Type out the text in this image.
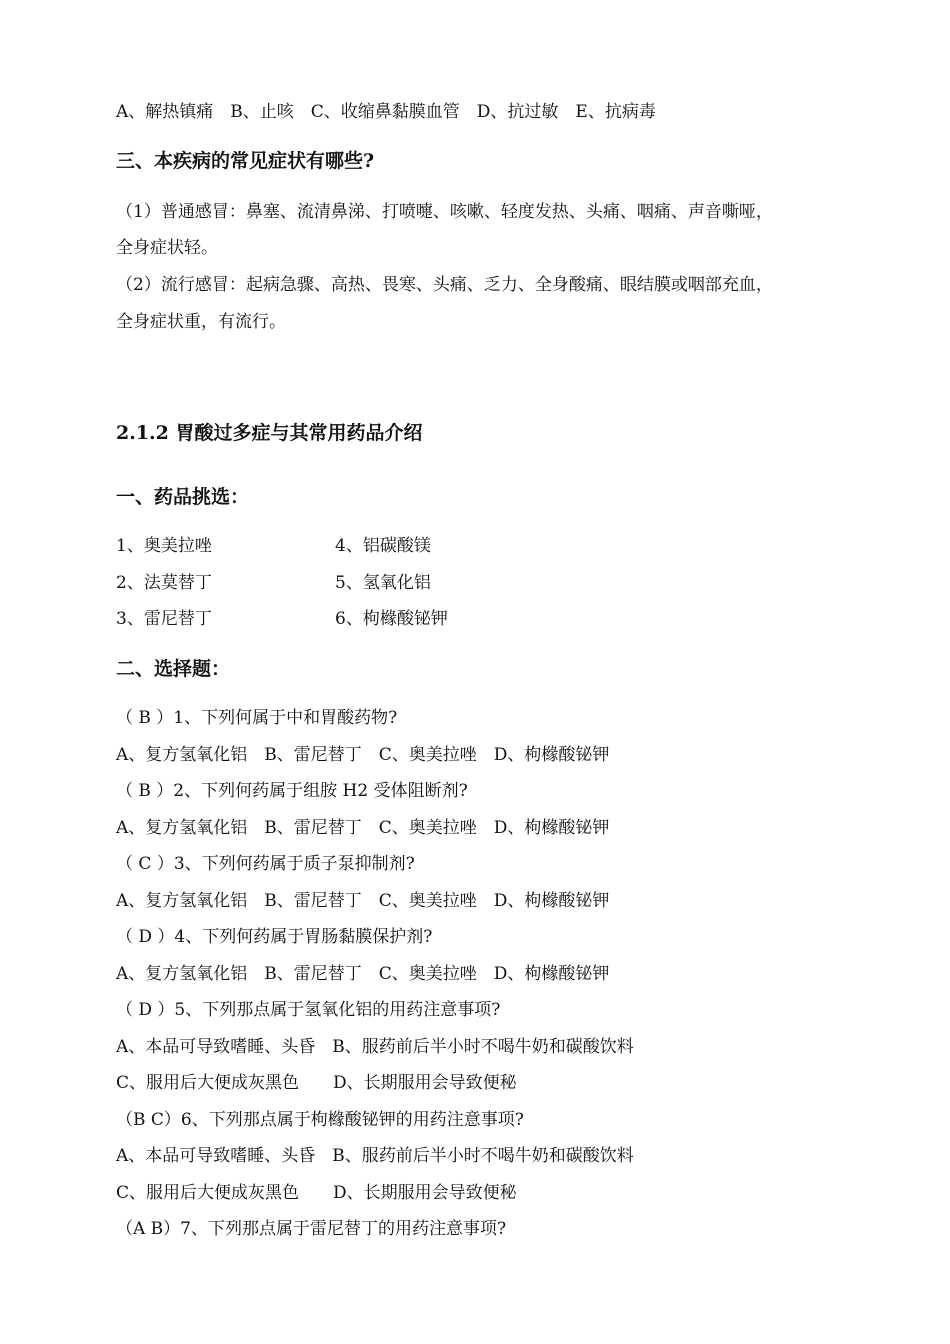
A、解热镇痛　B、止咳　C、收缩鼻黏膜血管　D、抗过敏　E、抗病毒
三、本疾病的常见症状有哪些?
（1）普通感冒：鼻塞、流清鼻涕、打喷嚏、咳嗽、轻度发热、头痛、咽痛、声音嘶哑，
全身症状轻。
（2）流行感冒：起病急骤、高热、畏寒、头痛、乏力、全身酸痛、眼结膜或咽部充血，
全身症状重，有流行。
2.1.2 胃酸过多症与其常用药品介绍
一、药品挑选：
1、奥美拉唑	4、铝碳酸镁
2、法莫替丁	5、氢氧化铝
3、雷尼替丁	6、枸橼酸铋钾
二、选择题：
（ B ）1、下列何属于中和胃酸药物?
A、复方氢氧化铝　B、雷尼替丁　C、奥美拉唑　D、枸橼酸铋钾
（ B ）2、下列何药属于组胺 H2 受体阻断剂?
A、复方氢氧化铝　B、雷尼替丁　C、奥美拉唑　D、枸橼酸铋钾
（ C ）3、下列何药属于质子泵抑制剂?
A、复方氢氧化铝　B、雷尼替丁　C、奥美拉唑　D、枸橼酸铋钾
（ D ）4、下列何药属于胃肠黏膜保护剂?
A、复方氢氧化铝　B、雷尼替丁　C、奥美拉唑　D、枸橼酸铋钾
（ D ）5、下列那点属于氢氧化铝的用药注意事项?
A、本品可导致嗜睡、头昏　B、服药前后半小时不喝牛奶和碳酸饮料
C、服用后大便成灰黑色　　D、长期服用会导致便秘
（B C）6、下列那点属于枸橼酸铋钾的用药注意事项?
A、本品可导致嗜睡、头昏　B、服药前后半小时不喝牛奶和碳酸饮料
C、服用后大便成灰黑色　　D、长期服用会导致便秘
（A B）7、下列那点属于雷尼替丁的用药注意事项?
